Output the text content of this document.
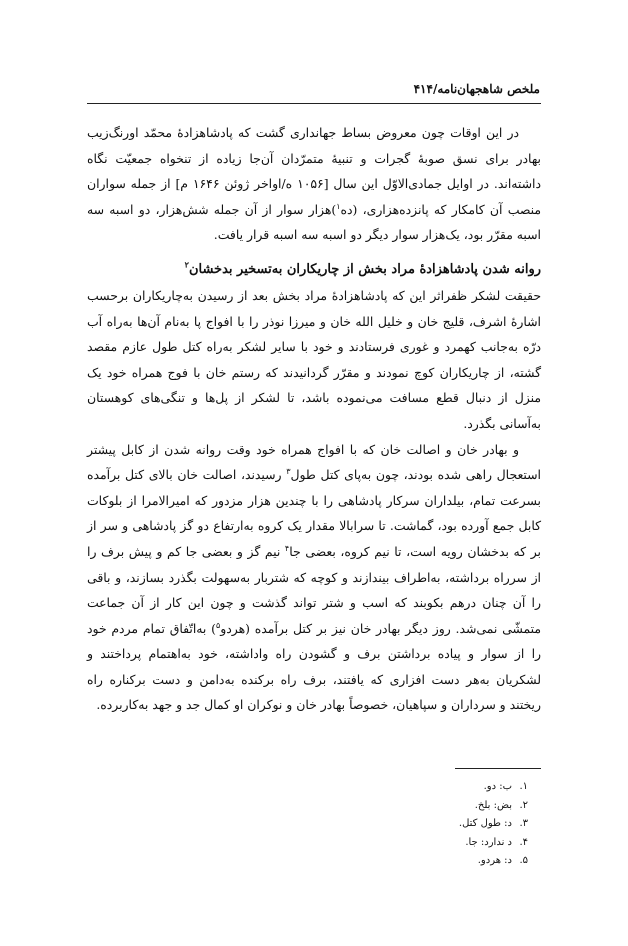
ملخص شاهجهان‌نامه/۴۱۴

در این اوقات چون معروض بساط جهانداری گشت که پادشاهزادهٔ محمّد اورنگ‌زیب بهادر برای نسق صوبهٔ گجرات و تنبیهٔ متمرّدان آن‌جا زیاده از تنخواه جمعیّت نگاه داشته‌اند. در اوایل جمادی‌الاوّل این سال [۱۰۵۶ ه/اواخر ژوئن ۱۶۴۶ م] از جمله سواران منصب آن کامکار که پانزده‌هزاری، (ده$^۱$)هزار سوار از آن جمله شش‌هزار، دو اسبه سه اسبه مقرّر بود، یک‌هزار سوار دیگر دو اسبه سه اسبه قرار یافت.

روانه شدن پادشاهزادهٔ مراد بخش از چاریکاران به‌تسخیر بدخشان$^۲$

حقیقت لشکر ظفراثر این که پادشاهزادهٔ مراد بخش بعد از رسیدن به‌چاریکاران برحسب اشارهٔ اشرف، قلیج خان و خلیل الله خان و میرزا نوذر را با افواج پا به‌نام آن‌ها به‌راه آب درّه به‌جانب کهمرد و غوری فرستادند و خود با سایر لشکر به‌راه کتل طول عازم مقصد گشته، از چاریکاران کوچ نمودند و مقرّر گردانیدند که رستم خان با فوج همراه خود یک منزل از دنبال قطع مسافت می‌نموده باشد، تا لشکر از پل‌ها و تنگی‌های کوهستان به‌آسانی بگذرد.

و بهادر خان و اصالت خان که با افواج همراه خود وقت روانه شدن از کابل پیشتر استعجال راهی شده بودند، چون به‌پای کتل طول$^۳$ رسیدند، اصالت خان بالای کتل برآمده بسرعت تمام، بیلداران سرکار پادشاهی را با چندین هزار مزدور که امیرالامرا از بلوکات کابل جمع آورده بود، گماشت. تا سرابالا مقدار یک کروه به‌ارتفاع دو گز پادشاهی و سر از بر که بدخشان رویه است، تا نیم کروه، بعضی جا$^۴$ نیم گز و بعضی جا کم و پیش برف را از سرراه برداشته، به‌اطراف بیندازند و کوچه که شتربار به‌سهولت بگذرد بسازند، و باقی را آن چنان درهم بکوبند که اسب و شتر تواند گذشت و چون این کار از آن جماعت متمشّی نمی‌شد. روز دیگر بهادر خان نیز بر کتل برآمده (هردو$^۵$) به‌اتّفاق تمام مردم خود را از سوار و پیاده برداشتن برف و گشودن راه واداشته، خود به‌اهتمام پرداختند و لشکریان به‌هر دست افزاری که یافتند، برف راه برکنده به‌دامن و دست برکناره راه ریختند و سرداران و سپاهیان، خصوصاً بهادر خان و نوکران او کمال جد و جهد به‌کاربرده.

۱.ب: دو.
۲.بض: بلخ.
۳.د: طول کتل.
۴.د ندارد: جا.
۵.د: هردو.
